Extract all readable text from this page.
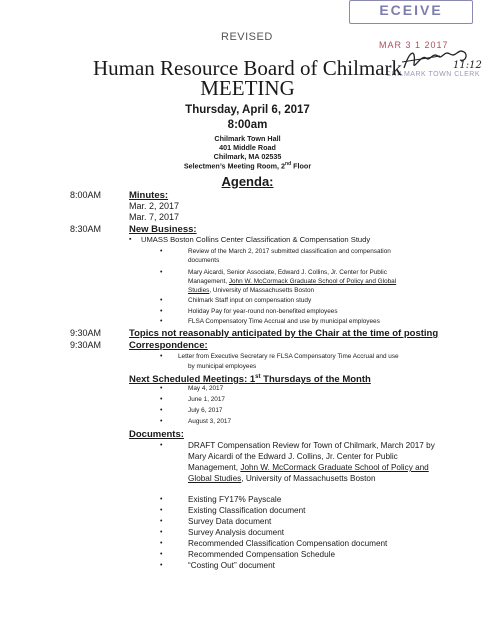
ECEIVE
MAR 3 1 2017
CHILMARK TOWN CLERK
11:12
REVISED
Human Resource Board of Chilmark
MEETING
Thursday, April 6, 2017
8:00am
Chilmark Town Hall
401 Middle Road
Chilmark, MA 02535
Selectmen’s Meeting Room, 2nd Floor
Agenda:
8:00AM	Minutes:
Mar. 2, 2017
Mar. 7, 2017
8:30AM	New Business:
▪ UMASS Boston Collins Center Classification & Compensation Study
•	Review of the March 2, 2017 submitted classification and compensation
documents
•	Mary Aicardi, Senior Associate, Edward J. Collins, Jr. Center for Public
Management, John W. McCormack Graduate School of Policy and Global
Studies, University of Massachusetts Boston
•	Chilmark Staff input on compensation study
•	Holiday Pay for year-round non-benefited employees
•	FLSA Compensatory Time Accrual and use by municipal employees
9:30AM	Topics not reasonably anticipated by the Chair at the time of posting
9:30AM	Correspondence:
• Letter from Executive Secretary re FLSA Compensatory Time Accrual and use
by municipal employees
Next Scheduled Meetings: 1st Thursdays of the Month
•	May 4, 2017
•	June 1, 2017
•	July 6, 2017
•	August 3, 2017
Documents:
•	DRAFT Compensation Review for Town of Chilmark, March 2017 by
Mary Aicardi of the Edward J. Collins, Jr. Center for Public
Management, John W. McCormack Graduate School of Policy and
Global Studies, University of Massachusetts Boston
•	Existing FY17% Payscale
•	Existing Classification document
•	Survey Data document
•	Survey Analysis document
•	Recommended Classification Compensation document
•	Recommended Compensation Schedule
•	“Costing Out” document
